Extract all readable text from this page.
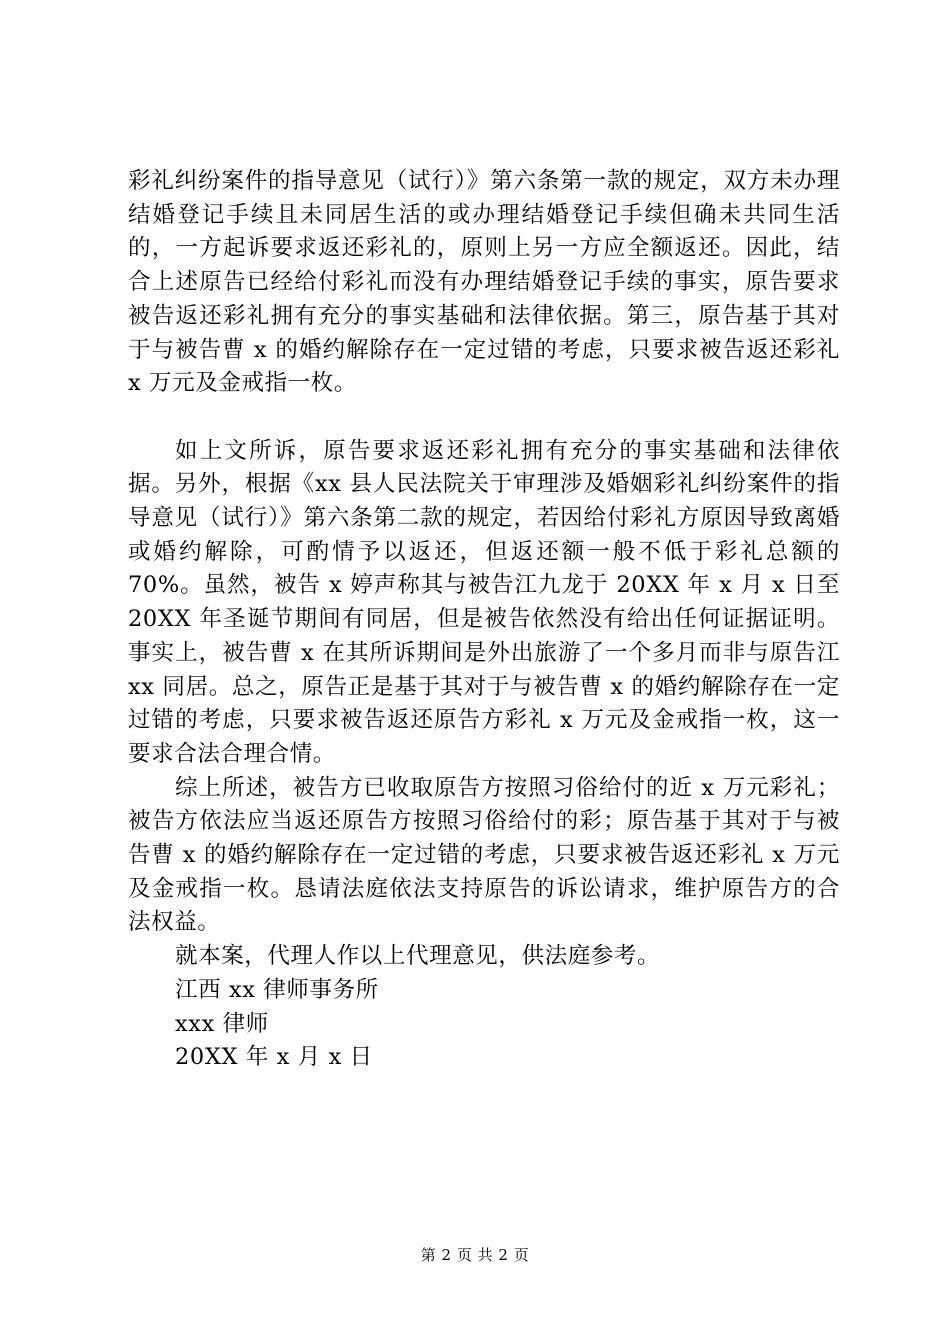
彩礼纠纷案件的指导意见（试行）》第六条第一款的规定，双方未办理结婚登记手续且未同居生活的或办理结婚登记手续但确未共同生活的，一方起诉要求返还彩礼的，原则上另一方应全额返还。因此，结合上述原告已经给付彩礼而没有办理结婚登记手续的事实，原告要求被告返还彩礼拥有充分的事实基础和法律依据。第三，原告基于其对于与被告曹 x 的婚约解除存在一定过错的考虑，只要求被告返还彩礼 x 万元及金戒指一枚。

如上文所诉，原告要求返还彩礼拥有充分的事实基础和法律依据。另外，根据《xx 县人民法院关于审理涉及婚姻彩礼纠纷案件的指导意见（试行）》第六条第二款的规定，若因给付彩礼方原因导致离婚或婚约解除，可酌情予以返还，但返还额一般不低于彩礼总额的 70%。虽然，被告 x 婷声称其与被告江九龙于 20XX 年 x 月 x 日至 20XX 年圣诞节期间有同居，但是被告依然没有给出任何证据证明。事实上，被告曹 x 在其所诉期间是外出旅游了一个多月而非与原告江 xx 同居。总之，原告正是基于其对于与被告曹 x 的婚约解除存在一定过错的考虑，只要求被告返还原告方彩礼 x 万元及金戒指一枚，这一要求合法合理合情。

综上所述，被告方已收取原告方按照习俗给付的近 x 万元彩礼；被告方依法应当返还原告方按照习俗给付的彩；原告基于其对于与被告曹 x 的婚约解除存在一定过错的考虑，只要求被告返还彩礼 x 万元及金戒指一枚。恳请法庭依法支持原告的诉讼请求，维护原告方的合法权益。

就本案，代理人作以上代理意见，供法庭参考。

江西 xx 律师事务所

xxx 律师

20XX 年 x 月 x 日

第 2 页 共 2 页
